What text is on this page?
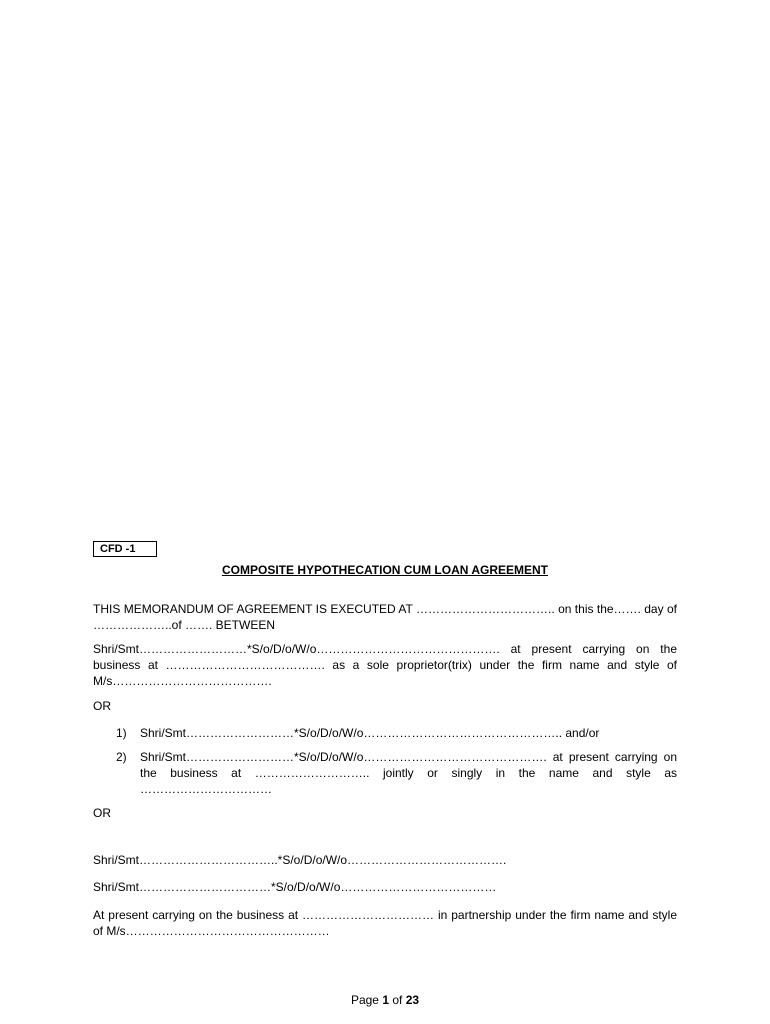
CFD -1
COMPOSITE HYPOTHECATION CUM LOAN AGREEMENT
THIS MEMORANDUM OF AGREEMENT IS EXECUTED AT …………………………….. on this the……. day of ………………..of ……. BETWEEN
Shri/Smt………………………*S/o/D/o/W/o………………………………………. at present carrying on the business at …………………………………. as a sole proprietor(trix) under the firm name and style of M/s………………………………….
OR
1) Shri/Smt………………………*S/o/D/o/W/o………………………………………….. and/or
2) Shri/Smt………………………*S/o/D/o/W/o………………………………………. at present carrying on the business at ……………………….. jointly or singly in the name and style as ……………………………
OR
Shri/Smt……………………………..*S/o/D/o/W/o………………………………….
Shri/Smt……………………………*S/o/D/o/W/o…………………………………
At present carrying on the business at …………………………… in partnership under the firm name and style of M/s……………………………………………
Page 1 of 23
